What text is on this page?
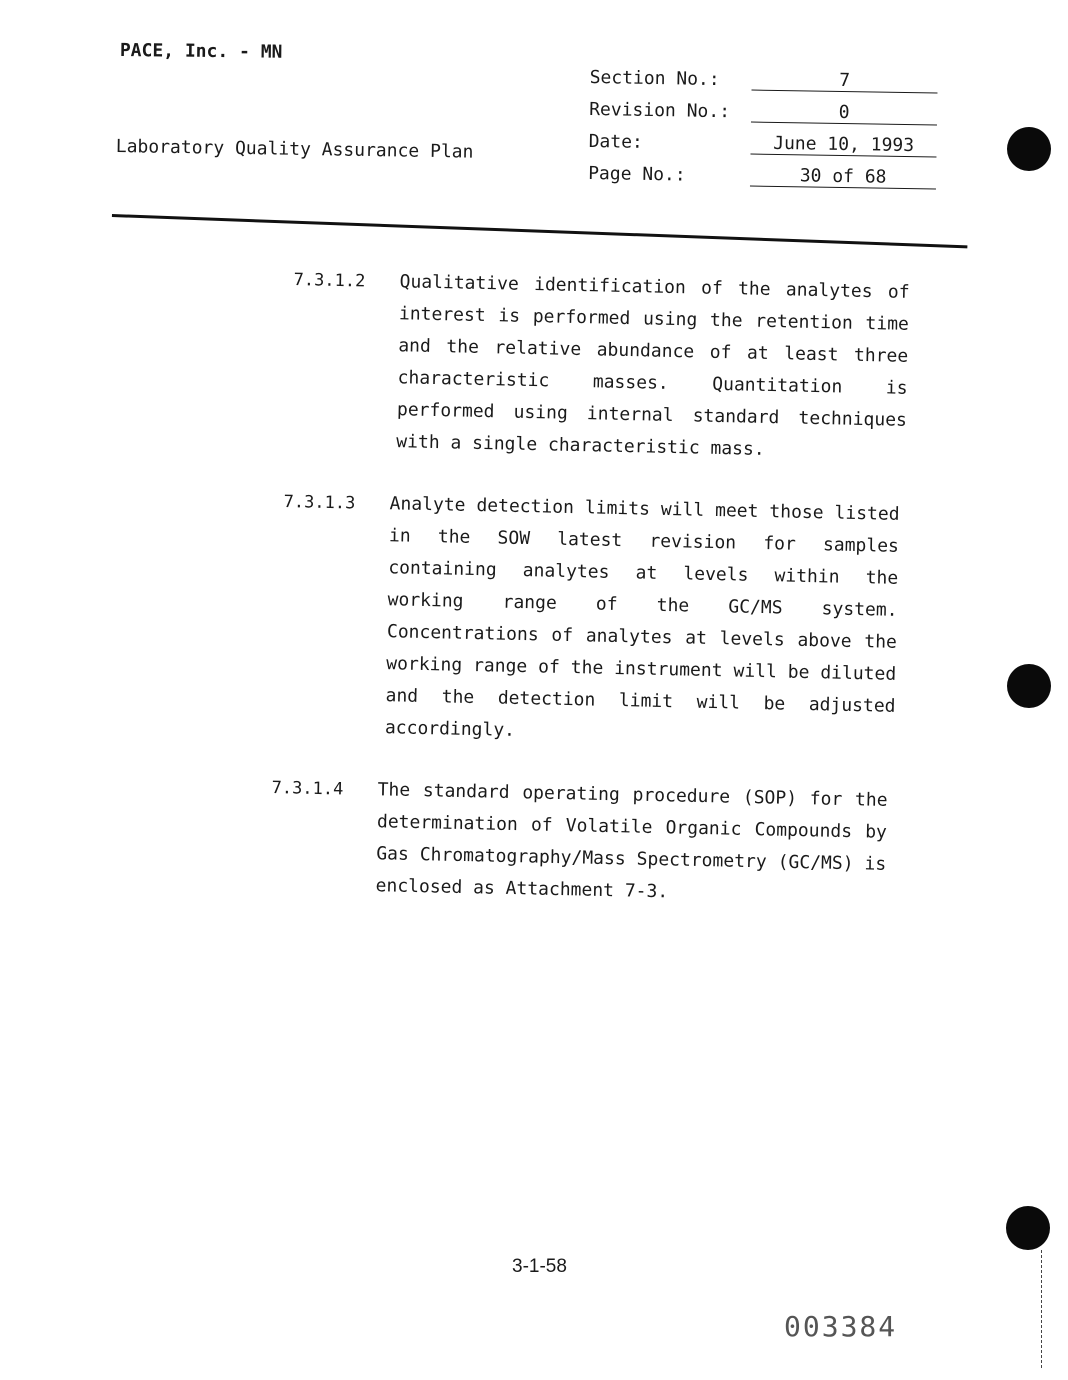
PACE, Inc. - MN
Laboratory Quality Assurance Plan
Section No.:	7
Revision No.:	0
Date:	June 10, 1993
Page No.:	30 of 68
7.3.1.2	Qualitative identification of the analytes of interest is performed using the retention time and the relative abundance of at least three characteristic masses. Quantitation is performed using internal standard techniques with a single characteristic mass.
7.3.1.3	Analyte detection limits will meet those listed in the SOW latest revision for samples containing analytes at levels within the working range of the GC/MS system. Concentrations of analytes at levels above the working range of the instrument will be diluted and the detection limit will be adjusted accordingly.
7.3.1.4	The standard operating procedure (SOP) for the determination of Volatile Organic Compounds by Gas Chromatography/Mass Spectrometry (GC/MS) is enclosed as Attachment 7-3.
3-1-58
003384
